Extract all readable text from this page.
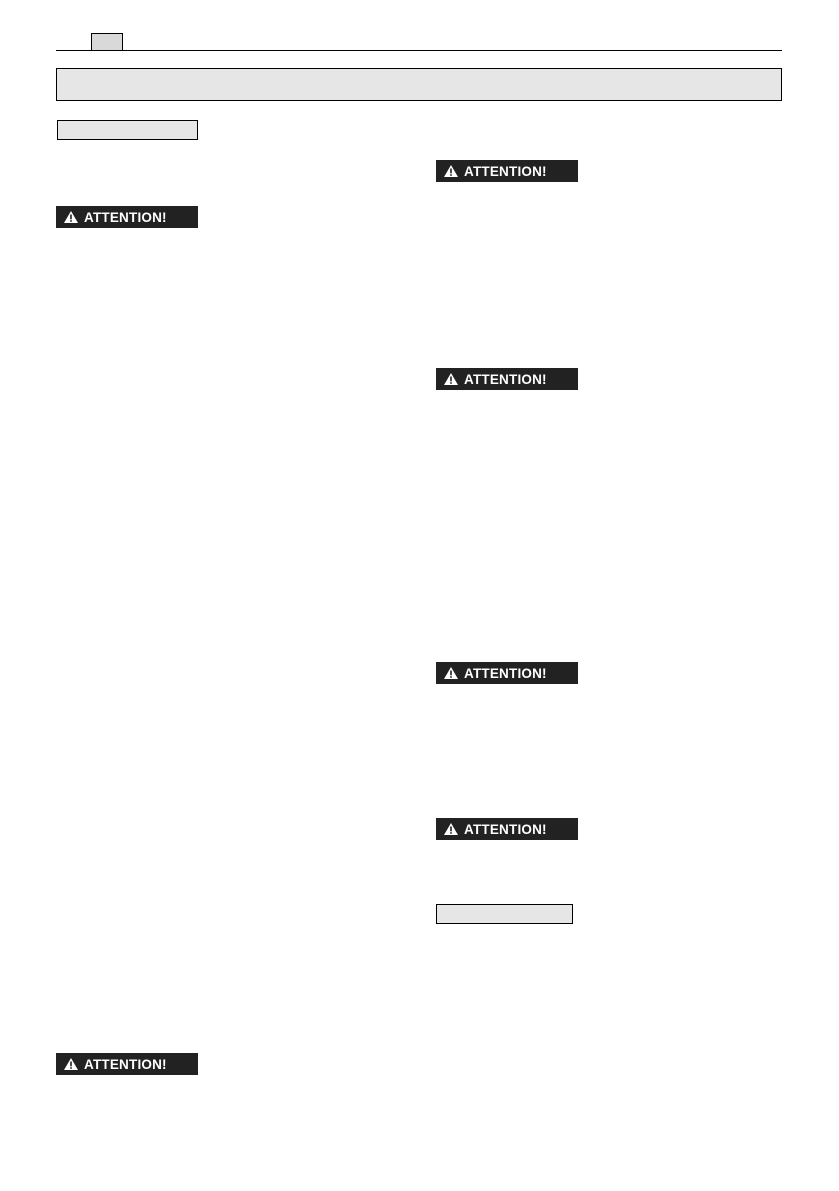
ATTENTION!
ATTENTION!
ATTENTION!
ATTENTION!
ATTENTION!
ATTENTION!
